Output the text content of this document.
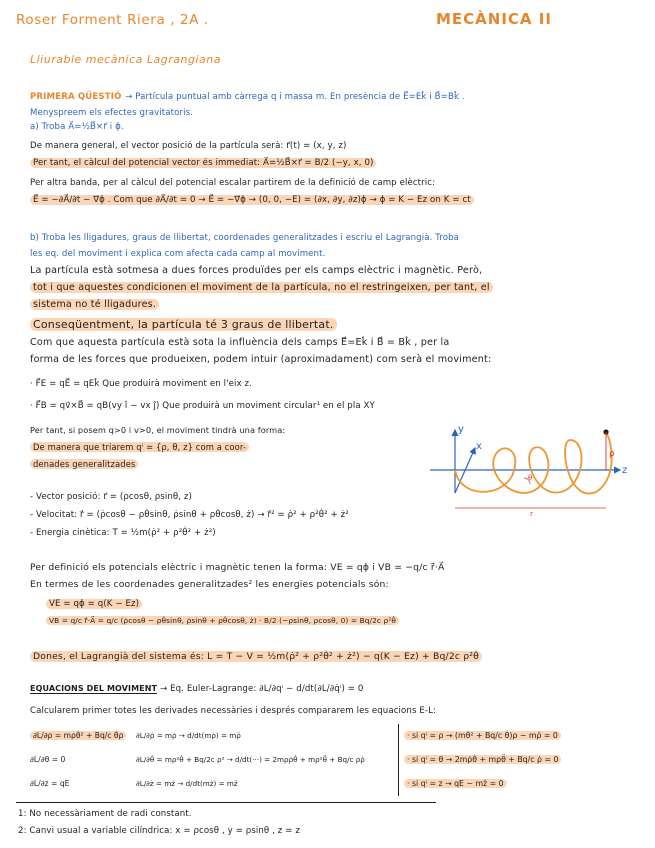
Roser Forment Riera , 2A .	MECÀNICA II
Lliurable mecànica Lagrangiana
PRIMERA QÜESTIÓ → Partícula puntual amb càrrega q i massa m. En presència de E⃗=Ek̂ i B⃗=Bk̂ .
Menyspreem els efectes gravitatoris.
a) Troba A⃗=½B⃗×r⃗ i ϕ.
De manera general, el vector posició de la partícula serà: r⃗(t) = (x, y, z)
Per tant, el càlcul del potencial vector és immediat: A⃗=½B⃗×r⃗ = B/2 (−y, x, 0)
Per altra banda, per al càlcul del potencial escalar partirem de la definició de camp elèctric:
E⃗ = −∂A⃗/∂t − ∇⃗ϕ . Com que ∂A⃗/∂t = 0 → E⃗ = −∇⃗ϕ → (0, 0, −E) = (∂x, ∂y, ∂z)ϕ → ϕ = K − Ez on K = ct
b) Troba les lligadures, graus de llibertat, coordenades generalitzades i escriu el Lagrangià. Troba
les eq. del moviment i explica com afecta cada camp al moviment.
La partícula està sotmesa a dues forces produïdes per els camps elèctric i magnètic. Però,
tot i que aquestes condicionen el moviment de la partícula, no el restringeixen, per tant, el
sistema no té lligadures.
Conseqüentment, la partícula té 3 graus de llibertat.
Com que aquesta partícula està sota la influència dels camps E⃗=Ek̂ i B⃗ = Bk̂ , per la
forma de les forces que produeixen, podem intuir (aproximadament) com serà el moviment:
· F⃗E = qE⃗ = qEk̂ Que produirà moviment en l'eix z.
· F⃗B = qv⃗×B⃗ = qB(vy î − vx ĵ) Que produirà un moviment circular¹ en el pla XY
Per tant, si posem q>0 i v>0, el moviment tindrà una forma:
De manera que triarem qⁱ = {ρ, θ, z} com a coor-
denades generalitzades
y
x
z
ρ
r
θ
- Vector posició: r⃗ = (ρcosθ, ρsinθ, z)
- Velocitat: ṙ⃗ = (ρ̇cosθ − ρθ̇sinθ, ρ̇sinθ + ρθ̇cosθ, ż) → ṙ⃗² = ρ̇² + ρ²θ̇² + ż²
- Energia cinètica: T = ½m(ρ̇² + ρ²θ̇² + ż²)
Per definició els potencials elèctric i magnètic tenen la forma: VE = qϕ i VB = −q/c ṙ⃗·A⃗
En termes de les coordenades generalitzades² les energies potencials són:
VE = qϕ = q(K − Ez)
VB = q/c ṙ⃗·A⃗ = q/c (ρ̇cosθ − ρθ̇sinθ, ρ̇sinθ + ρθ̇cosθ, ż) · B/2 (−ρsinθ, ρcosθ, 0) = Bq/2c ρ²θ̇
Dones, el Lagrangià del sistema és: L = T − V = ½m(ρ̇² + ρ²θ̇² + ż²) − q(K − Ez) + Bq/2c ρ²θ̇
EQUACIONS DEL MOVIMENT → Eq. Euler-Lagrange: ∂L/∂qⁱ − d/dt(∂L/∂q̇ⁱ) = 0
Calcularem primer totes les derivades necessàries i després compararem les equacions E-L:
∂L/∂ρ = mρθ̇² + Bq/c θ̇ρ
∂L/∂θ = 0
∂L/∂z = qE
∂L/∂ρ̇ = mρ̇ → d/dt(mρ̇) = mρ̈
∂L/∂θ̇ = mρ²θ̇ + Bq/2c ρ² → d/dt(···) = 2mρρ̇θ̇ + mρ²θ̈ + Bq/c ρρ̇
∂L/∂ż = mż → d/dt(mż) = mz̈
· si qⁱ = ρ → (mθ̇² + Bq/c θ̇)ρ − mρ̈ = 0
· si qⁱ = θ → 2mρ̇θ̇ + mρθ̈ + Bq/c ρ̇ = 0
· si qⁱ = z → qE − mz̈ = 0
1: No necessàriament de radi constant.
2: Canvi usual a variable cilíndrica: x = ρcosθ , y = ρsinθ , z = z
